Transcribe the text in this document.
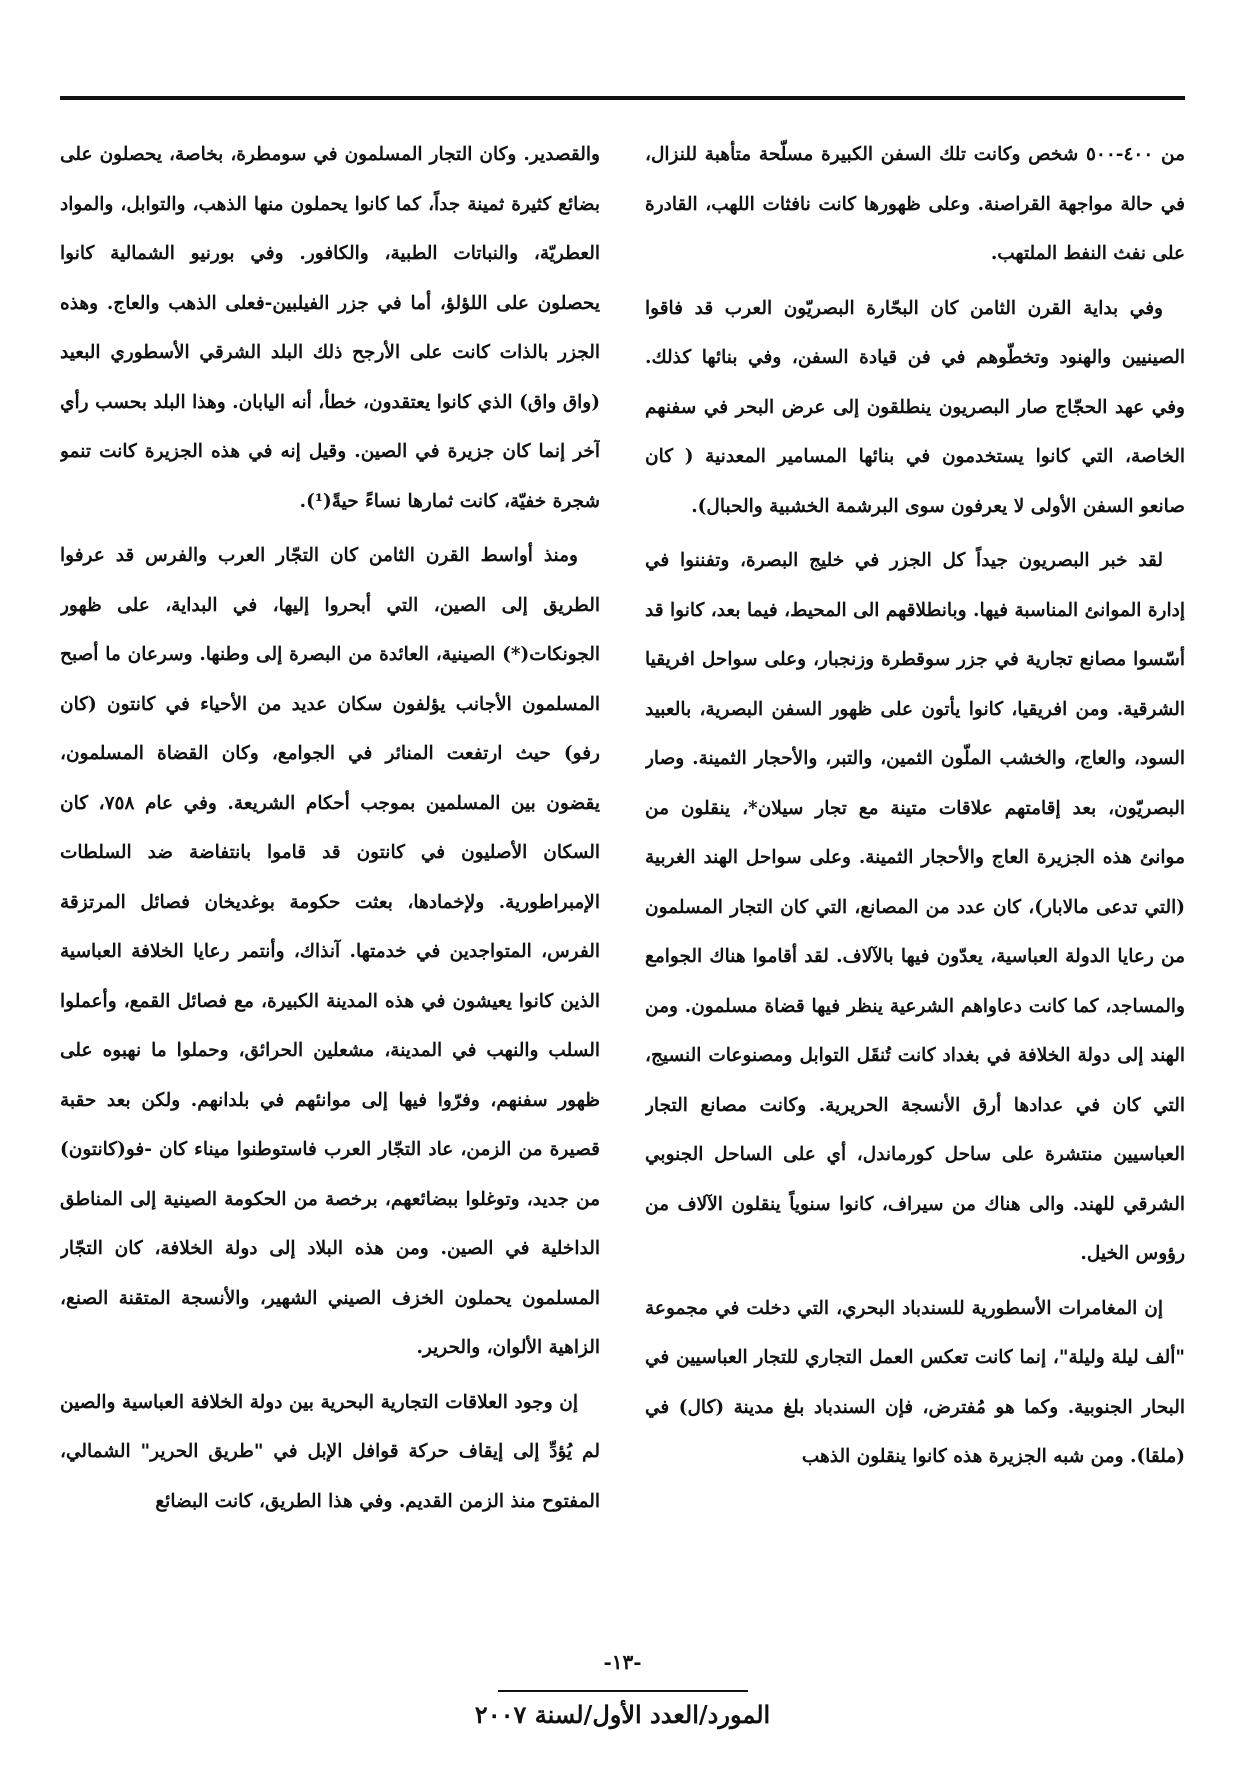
من ٤٠٠-٥٠٠ شخص وكانت تلك السفن الكبيرة مسلّحة متأهبة للنزال، في حالة مواجهة القراصنة. وعلى ظهورها كانت نافثات اللهب، القادرة على نفث النفط الملتهب.

وفي بداية القرن الثامن كان البحّارة البصريّون العرب قد فاقوا الصينيين والهنود وتخطّوهم في فن قيادة السفن، وفي بنائها كذلك. وفي عهد الحجّاج صار البصريون ينطلقون إلى عرض البحر في سفنهم الخاصة، التي كانوا يستخدمون في بنائها المسامير المعدنية ( كان صانعو السفن الأولى لا يعرفون سوى البرشمة الخشبية والحبال).

لقد خبر البصريون جيداً كل الجزر في خليج البصرة، وتفننوا في إدارة الموانئ المناسبة فيها. وبانطلاقهم الى المحيط، فيما بعد، كانوا قد أسّسوا مصانع تجارية في جزر سوقطرة وزنجبار، وعلى سواحل افريقيا الشرقية. ومن افريقيا، كانوا يأتون على ظهور السفن البصرية، بالعبيد السود، والعاج، والخشب الملّون الثمين، والتبر، والأحجار الثمينة. وصار البصريّون، بعد إقامتهم علاقات متينة مع تجار سيلان*، ينقلون من موانئ هذه الجزيرة العاج والأحجار الثمينة. وعلى سواحل الهند الغربية (التي تدعى مالابار)، كان عدد من المصانع، التي كان التجار المسلمون من رعايا الدولة العباسية، يعدّون فيها بالآلاف. لقد أقاموا هناك الجوامع والمساجد، كما كانت دعاواهم الشرعية ينظر فيها قضاة مسلمون. ومن الهند إلى دولة الخلافة في بغداد كانت تُنقَل التوابل ومصنوعات النسيج، التي كان في عدادها أرق الأنسجة الحريرية. وكانت مصانع التجار العباسيين منتشرة على ساحل كورماندل، أي على الساحل الجنوبي الشرقي للهند. والى هناك من سيراف، كانوا سنوياً ينقلون الآلاف من رؤوس الخيل.

إن المغامرات الأسطورية للسندباد البحري، التي دخلت في مجموعة "ألف ليلة وليلة"، إنما كانت تعكس العمل التجاري للتجار العباسيين في البحار الجنوبية. وكما هو مُفترض، فإن السندباد بلغ مدينة (كال) في (ملقا). ومن شبه الجزيرة هذه كانوا ينقلون الذهب

والقصدير. وكان التجار المسلمون في سومطرة، بخاصة، يحصلون على بضائع كثيرة ثمينة جداً، كما كانوا يحملون منها الذهب، والتوابل، والمواد العطريّة، والنباتات الطبية، والكافور. وفي بورنيو الشمالية كانوا يحصلون على اللؤلؤ، أما في جزر الفيلبين-فعلى الذهب والعاج. وهذه الجزر بالذات كانت على الأرجح ذلك البلد الشرقي الأسطوري البعيد (واق واق) الذي كانوا يعتقدون، خطأ، أنه اليابان. وهذا البلد بحسب رأي آخر إنما كان جزيرة في الصين. وقيل إنه في هذه الجزيرة كانت تنمو شجرة خفيّة، كانت ثمارها نساءً حيةً(¹).

ومنذ أواسط القرن الثامن كان التجّار العرب والفرس قد عرفوا الطريق إلى الصين، التي أبحروا إليها، في البداية، على ظهور الجونكات(*) الصينية، العائدة من البصرة إلى وطنها. وسرعان ما أصبح المسلمون الأجانب يؤلفون سكان عديد من الأحياء في كانتون (كان رفو) حيث ارتفعت المنائر في الجوامع، وكان القضاة المسلمون، يقضون بين المسلمين بموجب أحكام الشريعة. وفي عام ٧٥٨، كان السكان الأصليون في كانتون قد قاموا بانتفاضة ضد السلطات الإمبراطورية. ولإخمادها، بعثت حكومة بوغديخان فصائل المرتزقة الفرس، المتواجدين في خدمتها. آنذاك، وأنتمر رعايا الخلافة العباسية الذين كانوا يعيشون في هذه المدينة الكبيرة، مع فصائل القمع، وأعملوا السلب والنهب في المدينة، مشعلين الحرائق، وحملوا ما نهبوه على ظهور سفنهم، وفرّوا فيها إلى موانئهم في بلدانهم. ولكن بعد حقبة قصيرة من الزمن، عاد التجّار العرب فاستوطنوا ميناء كان -فو(كانتون) من جديد، وتوغلوا ببضائعهم، برخصة من الحكومة الصينية إلى المناطق الداخلية في الصين. ومن هذه البلاد إلى دولة الخلافة، كان التجّار المسلمون يحملون الخزف الصيني الشهير، والأنسجة المتقنة الصنع، الزاهية الألوان، والحرير.

إن وجود العلاقات التجارية البحرية بين دولة الخلافة العباسية والصين لم يُؤدِّ إلى إيقاف حركة قوافل الإبل في "طريق الحرير" الشمالي، المفتوح منذ الزمن القديم. وفي هذا الطريق، كانت البضائع

-١٣-
المورد/العدد الأول/لسنة ٢٠٠٧
